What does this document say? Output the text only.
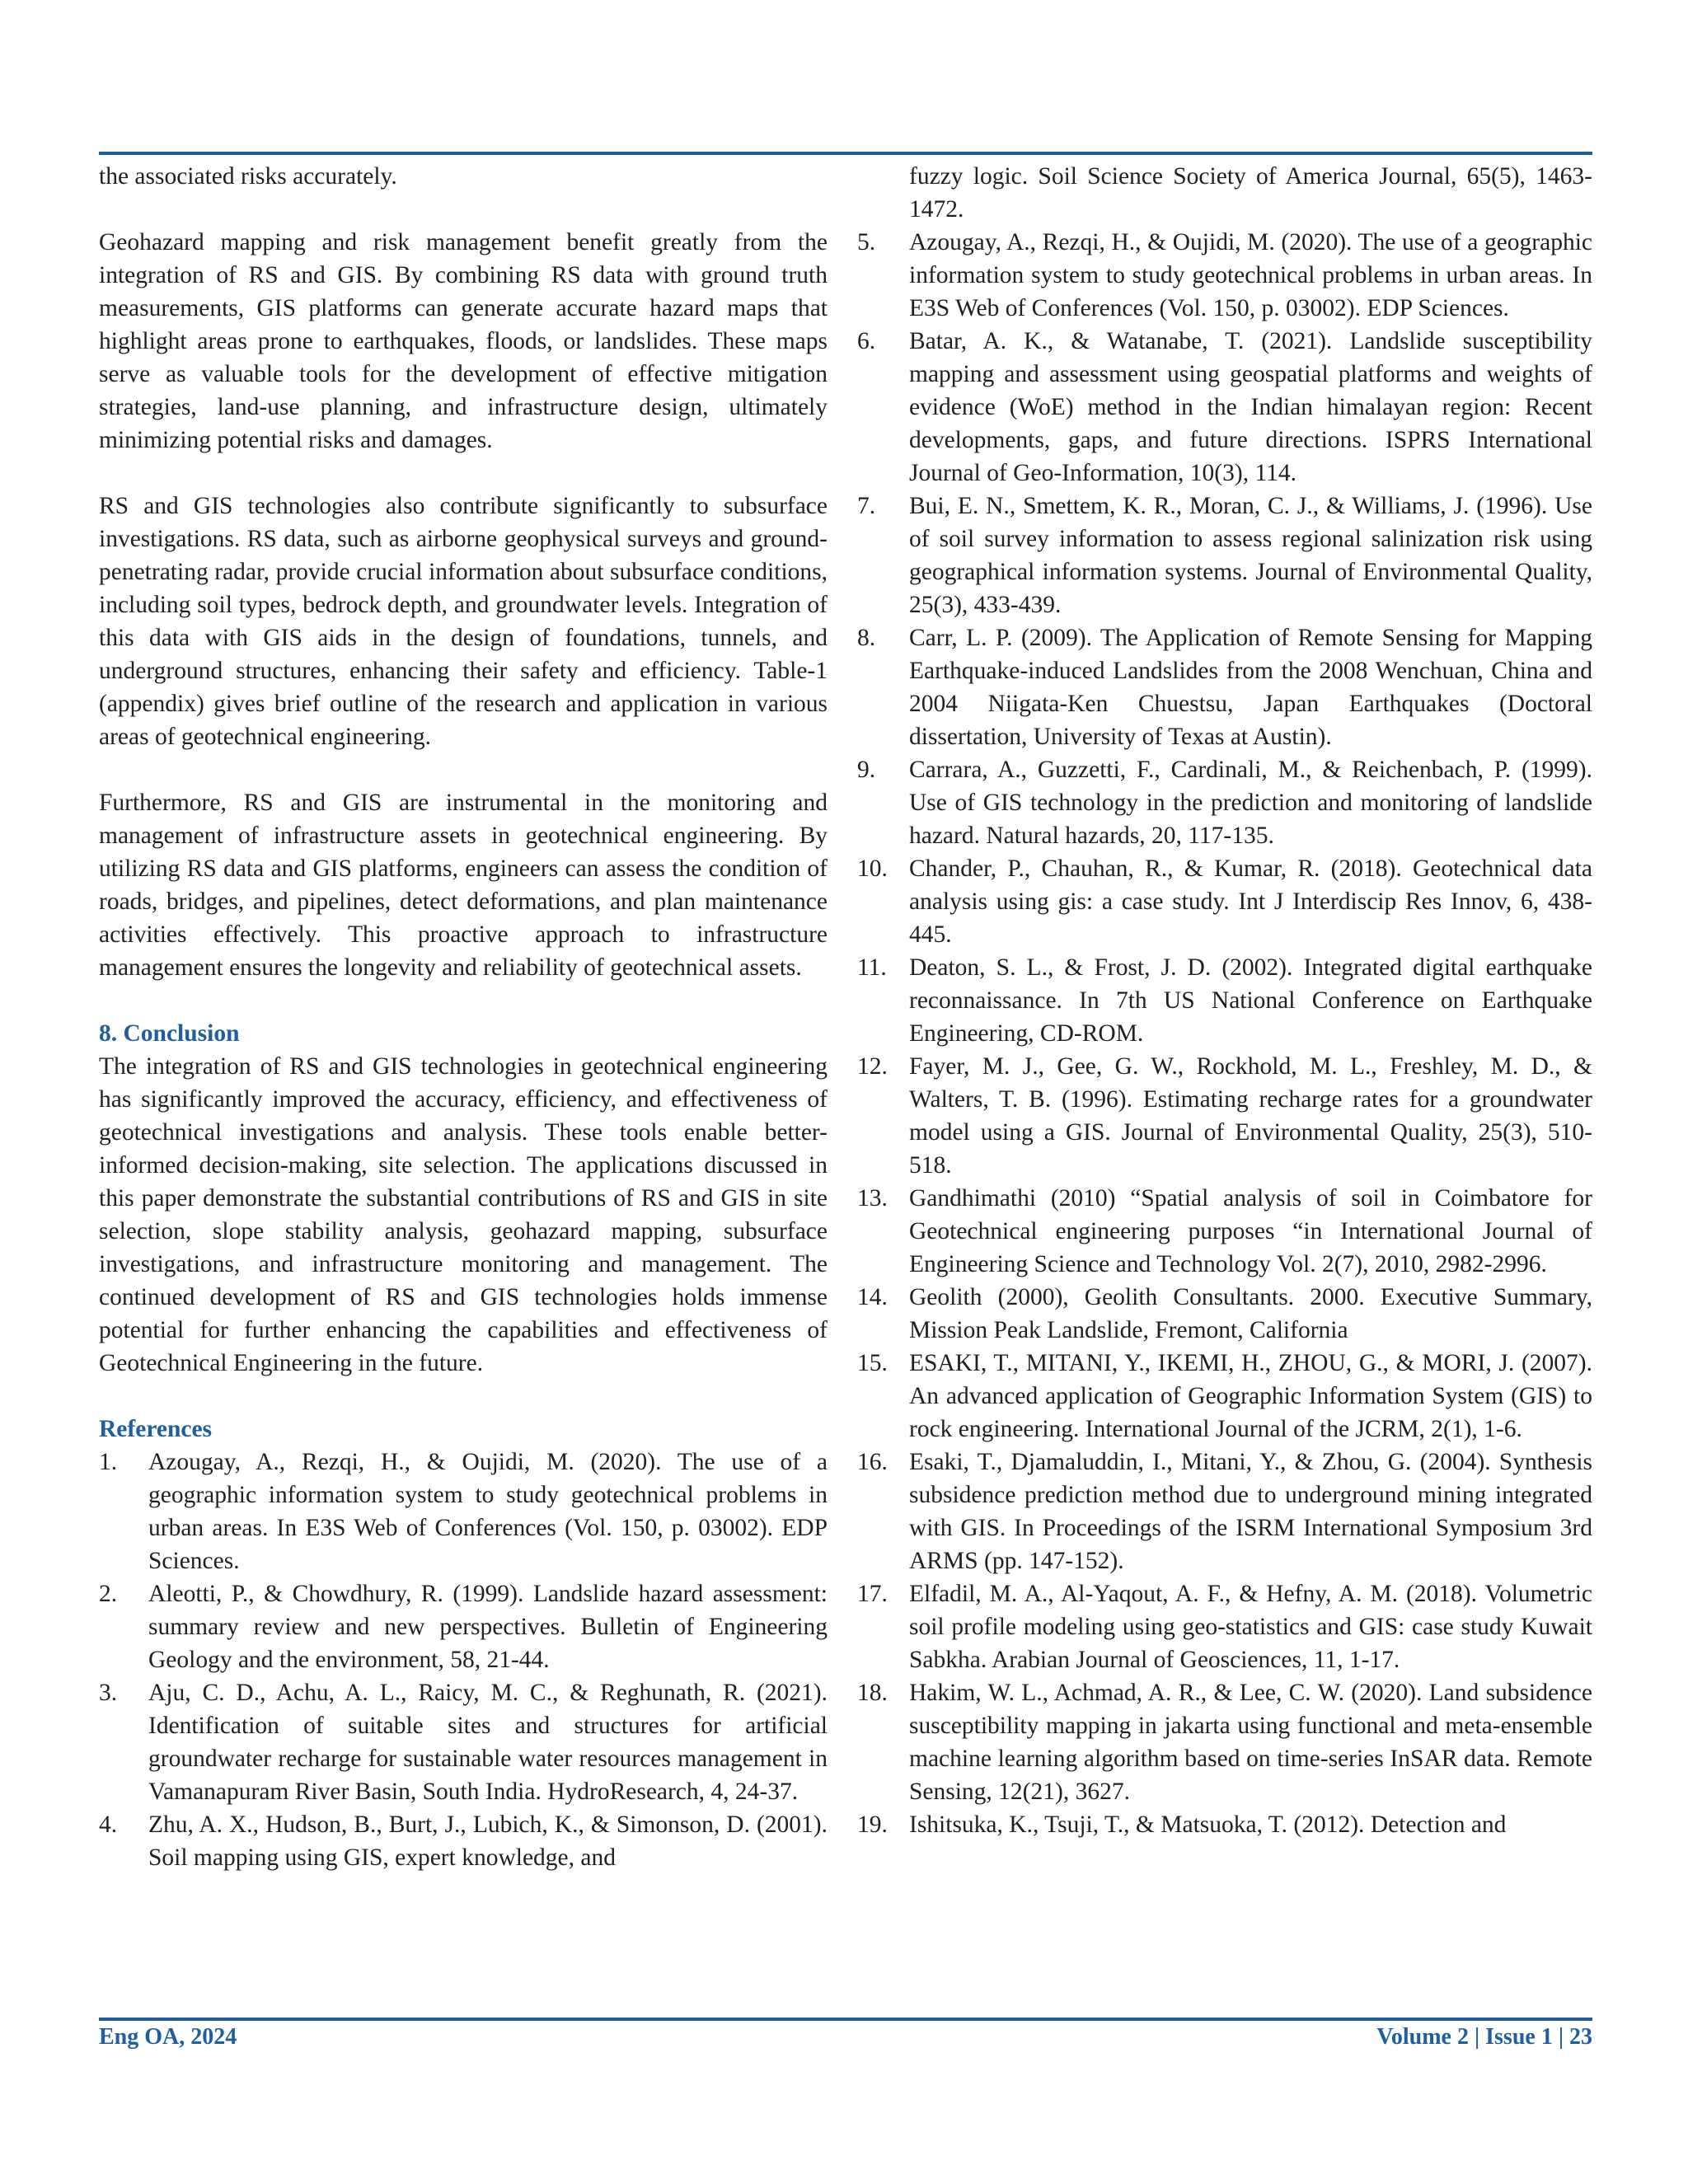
the associated risks accurately.

Geohazard mapping and risk management benefit greatly from the integration of RS and GIS. By combining RS data with ground truth measurements, GIS platforms can generate accurate hazard maps that highlight areas prone to earthquakes, floods, or landslides. These maps serve as valuable tools for the development of effective mitigation strategies, land-use planning, and infrastructure design, ultimately minimizing potential risks and damages.

RS and GIS technologies also contribute significantly to subsurface investigations. RS data, such as airborne geophysical surveys and ground-penetrating radar, provide crucial information about subsurface conditions, including soil types, bedrock depth, and groundwater levels. Integration of this data with GIS aids in the design of foundations, tunnels, and underground structures, enhancing their safety and efficiency. Table-1 (appendix) gives brief outline of the research and application in various areas of geotechnical engineering.

Furthermore, RS and GIS are instrumental in the monitoring and management of infrastructure assets in geotechnical engineering. By utilizing RS data and GIS platforms, engineers can assess the condition of roads, bridges, and pipelines, detect deformations, and plan maintenance activities effectively. This proactive approach to infrastructure management ensures the longevity and reliability of geotechnical assets.

8. Conclusion

The integration of RS and GIS technologies in geotechnical engineering has significantly improved the accuracy, efficiency, and effectiveness of geotechnical investigations and analysis. These tools enable better-informed decision-making, site selection. The applications discussed in this paper demonstrate the substantial contributions of RS and GIS in site selection, slope stability analysis, geohazard mapping, subsurface investigations, and infrastructure monitoring and management. The continued development of RS and GIS technologies holds immense potential for further enhancing the capabilities and effectiveness of Geotechnical Engineering in the future.

References

1.	Azougay, A., Rezqi, H., & Oujidi, M. (2020). The use of a geographic information system to study geotechnical problems in urban areas. In E3S Web of Conferences (Vol. 150, p. 03002). EDP Sciences.
2.	Aleotti, P., & Chowdhury, R. (1999). Landslide hazard assessment: summary review and new perspectives. Bulletin of Engineering Geology and the environment, 58, 21-44.
3.	Aju, C. D., Achu, A. L., Raicy, M. C., & Reghunath, R. (2021). Identification of suitable sites and structures for artificial groundwater recharge for sustainable water resources management in Vamanapuram River Basin, South India. HydroResearch, 4, 24-37.
4.	Zhu, A. X., Hudson, B., Burt, J., Lubich, K., & Simonson, D. (2001). Soil mapping using GIS, expert knowledge, and
fuzzy logic. Soil Science Society of America Journal, 65(5), 1463-1472.
5.	Azougay, A., Rezqi, H., & Oujidi, M. (2020). The use of a geographic information system to study geotechnical problems in urban areas. In E3S Web of Conferences (Vol. 150, p. 03002). EDP Sciences.
6.	Batar, A. K., & Watanabe, T. (2021). Landslide susceptibility mapping and assessment using geospatial platforms and weights of evidence (WoE) method in the Indian himalayan region: Recent developments, gaps, and future directions. ISPRS International Journal of Geo-Information, 10(3), 114.
7.	Bui, E. N., Smettem, K. R., Moran, C. J., & Williams, J. (1996). Use of soil survey information to assess regional salinization risk using geographical information systems. Journal of Environmental Quality, 25(3), 433-439.
8.	Carr, L. P. (2009). The Application of Remote Sensing for Mapping Earthquake-induced Landslides from the 2008 Wenchuan, China and 2004 Niigata-Ken Chuestsu, Japan Earthquakes (Doctoral dissertation, University of Texas at Austin).
9.	Carrara, A., Guzzetti, F., Cardinali, M., & Reichenbach, P. (1999). Use of GIS technology in the prediction and monitoring of landslide hazard. Natural hazards, 20, 117-135.
10. Chander, P., Chauhan, R., & Kumar, R. (2018). Geotechnical data analysis using gis: a case study. Int J Interdiscip Res Innov, 6, 438-445.
11. Deaton, S. L., & Frost, J. D. (2002). Integrated digital earthquake reconnaissance. In 7th US National Conference on Earthquake Engineering, CD-ROM.
12. Fayer, M. J., Gee, G. W., Rockhold, M. L., Freshley, M. D., & Walters, T. B. (1996). Estimating recharge rates for a groundwater model using a GIS. Journal of Environmental Quality, 25(3), 510-518.
13. Gandhimathi (2010) “Spatial analysis of soil in Coimbatore for Geotechnical engineering purposes “in International Journal of Engineering Science and Technology Vol. 2(7), 2010, 2982-2996.
14. Geolith (2000), Geolith Consultants. 2000. Executive Summary, Mission Peak Landslide, Fremont, California
15. ESAKI, T., MITANI, Y., IKEMI, H., ZHOU, G., & MORI, J. (2007). An advanced application of Geographic Information System (GIS) to rock engineering. International Journal of the JCRM, 2(1), 1-6.
16. Esaki, T., Djamaluddin, I., Mitani, Y., & Zhou, G. (2004). Synthesis subsidence prediction method due to underground mining integrated with GIS. In Proceedings of the ISRM International Symposium 3rd ARMS (pp. 147-152).
17. Elfadil, M. A., Al-Yaqout, A. F., & Hefny, A. M. (2018). Volumetric soil profile modeling using geo-statistics and GIS: case study Kuwait Sabkha. Arabian Journal of Geosciences, 11, 1-17.
18. Hakim, W. L., Achmad, A. R., & Lee, C. W. (2020). Land subsidence susceptibility mapping in jakarta using functional and meta-ensemble machine learning algorithm based on time-series InSAR data. Remote Sensing, 12(21), 3627.
19. Ishitsuka, K., Tsuji, T., & Matsuoka, T. (2012). Detection and
Eng OA, 2024	Volume 2 | Issue 1 | 23
